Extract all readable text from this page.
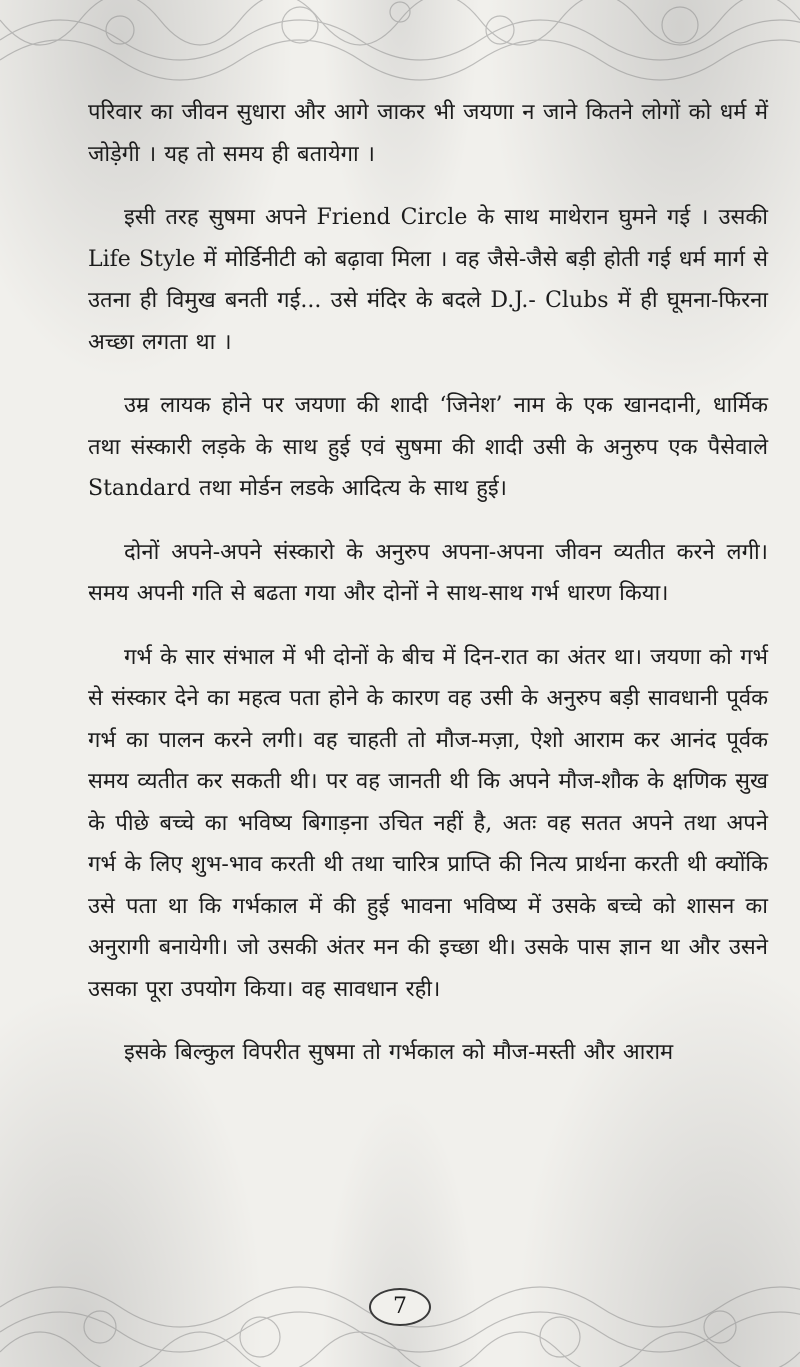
परिवार का जीवन सुधारा और आगे जाकर भी जयणा न जाने कितने लोगों को धर्म में जोड़ेगी । यह तो समय ही बतायेगा ।

इसी तरह सुषमा अपने Friend Circle के साथ माथेरान घुमने गई । उसकी Life Style में मोर्डिनीटी को बढ़ावा मिला । वह जैसे-जैसे बड़ी होती गई धर्म मार्ग से उतना ही विमुख बनती गई... उसे मंदिर के बदले D.J.- Clubs में ही घूमना-फिरना अच्छा लगता था ।

उम्र लायक होने पर जयणा की शादी ‘जिनेश’ नाम के एक खानदानी, धार्मिक तथा संस्कारी लड़के के साथ हुई एवं सुषमा की शादी उसी के अनुरुप एक पैसेवाले Standard तथा मोर्डन लडके आदित्य के साथ हुई।

दोनों अपने-अपने संस्कारो के अनुरुप अपना-अपना जीवन व्यतीत करने लगी। समय अपनी गति से बढता गया और दोनों ने साथ-साथ गर्भ धारण किया।

गर्भ के सार संभाल में भी दोनों के बीच में दिन-रात का अंतर था। जयणा को गर्भ से संस्कार देने का महत्व पता होने के कारण वह उसी के अनुरुप बड़ी सावधानी पूर्वक गर्भ का पालन करने लगी। वह चाहती तो मौज-मज़ा, ऐशो आराम कर आनंद पूर्वक समय व्यतीत कर सकती थी। पर वह जानती थी कि अपने मौज-शौक के क्षणिक सुख के पीछे बच्चे का भविष्य बिगाड़ना उचित नहीं है, अतः वह सतत अपने तथा अपने गर्भ के लिए शुभ-भाव करती थी तथा चारित्र प्राप्ति की नित्य प्रार्थना करती थी क्योंकि उसे पता था कि गर्भकाल में की हुई भावना भविष्य में उसके बच्चे को शासन का अनुरागी बनायेगी। जो उसकी अंतर मन की इच्छा थी। उसके पास ज्ञान था और उसने उसका पूरा उपयोग किया। वह सावधान रही।

इसके बिल्कुल विपरीत सुषमा तो गर्भकाल को मौज-मस्ती और आराम

7
